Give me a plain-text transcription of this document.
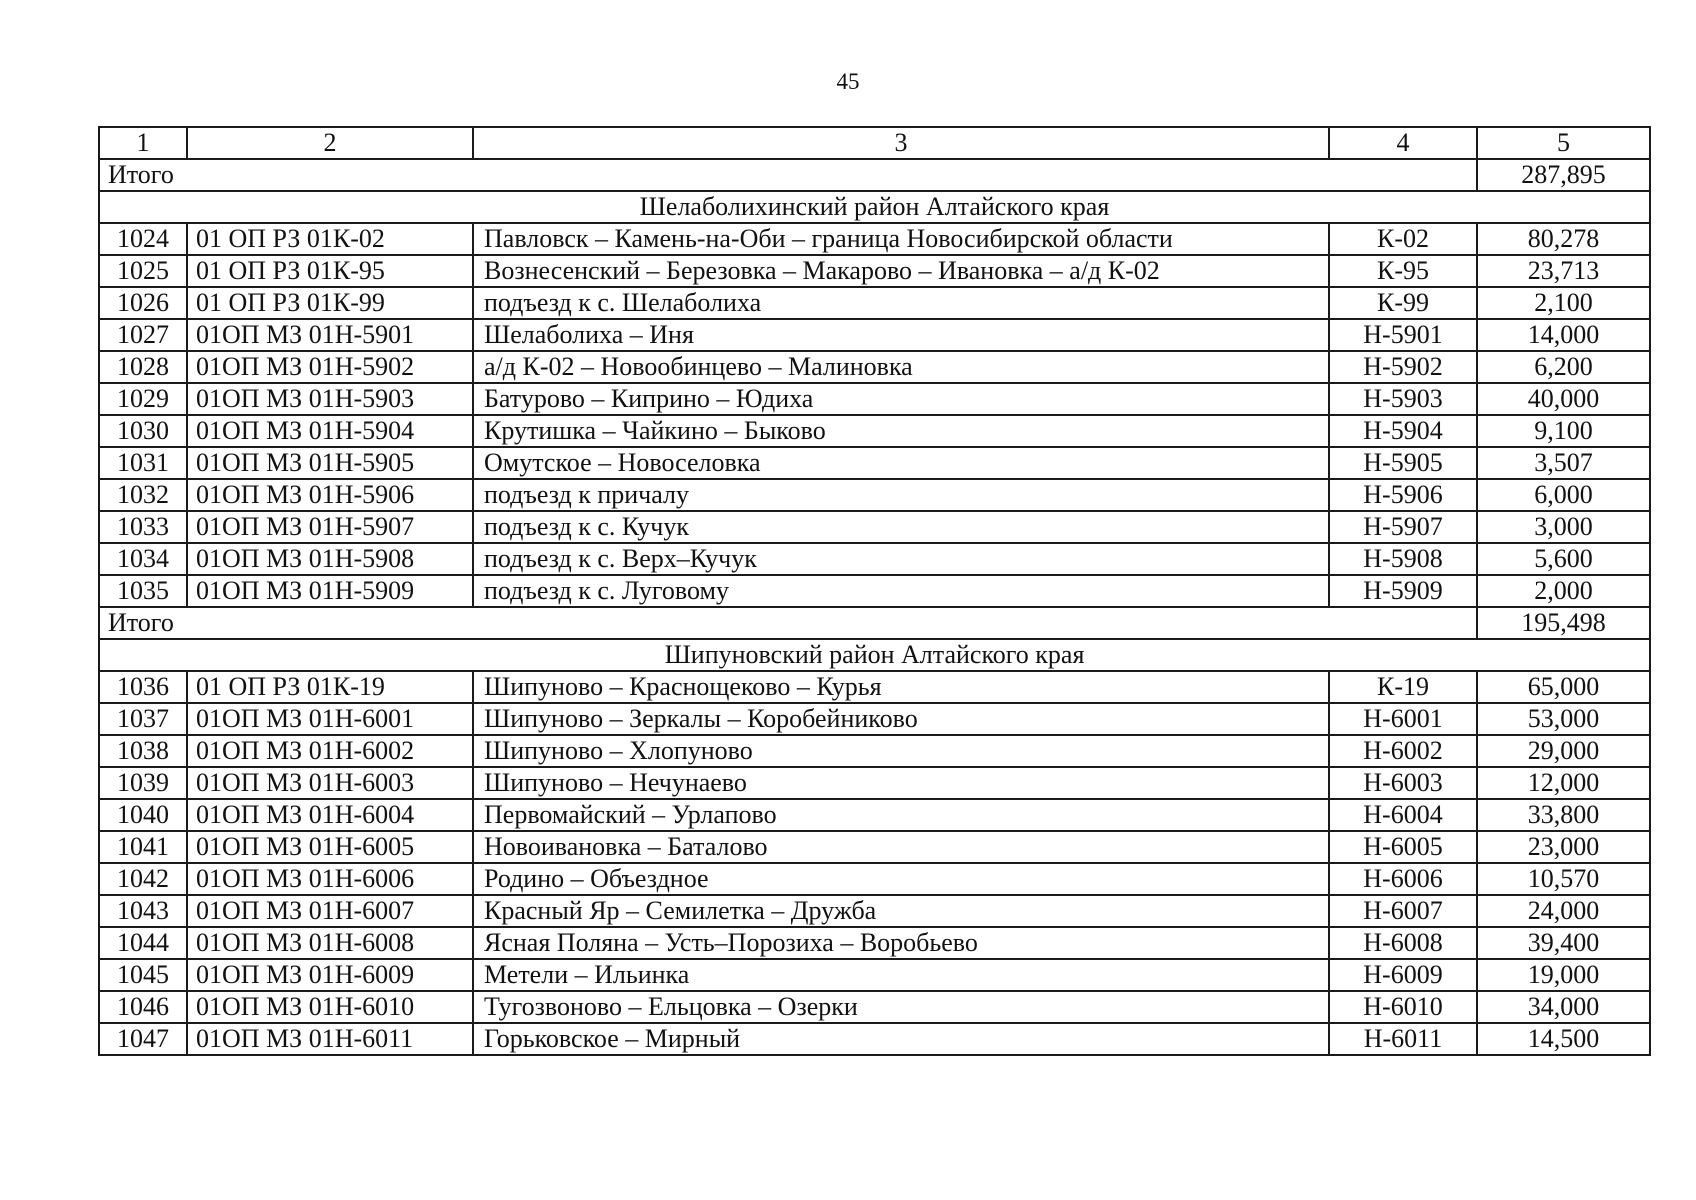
45
1	2	3	4	5
Итого				287,895
Шелаболихинский район Алтайского края				
1024	01 ОП РЗ 01К-02	Павловск – Камень-на-Оби – граница Новосибирской области	К-02	80,278
1025	01 ОП РЗ 01К-95	Вознесенский – Березовка – Макарово – Ивановка – а/д К-02	К-95	23,713
1026	01 ОП РЗ 01К-99	подъезд к с. Шелаболиха	К-99	2,100
1027	01ОП МЗ 01Н-5901	Шелаболиха – Иня	Н-5901	14,000
1028	01ОП МЗ 01Н-5902	а/д К-02 – Новообинцево – Малиновка	Н-5902	6,200
1029	01ОП МЗ 01Н-5903	Батурово – Киприно – Юдиха	Н-5903	40,000
1030	01ОП МЗ 01Н-5904	Крутишка – Чайкино – Быково	Н-5904	9,100
1031	01ОП МЗ 01Н-5905	Омутское – Новоселовка	Н-5905	3,507
1032	01ОП МЗ 01Н-5906	подъезд к причалу	Н-5906	6,000
1033	01ОП МЗ 01Н-5907	подъезд к с. Кучук	Н-5907	3,000
1034	01ОП МЗ 01Н-5908	подъезд к с. Верх–Кучук	Н-5908	5,600
1035	01ОП МЗ 01Н-5909	подъезд к с. Луговому	Н-5909	2,000
Итого				195,498
Шипуновский район Алтайского края				
1036	01 ОП РЗ 01К-19	Шипуново – Краснощеково – Курья	К-19	65,000
1037	01ОП МЗ 01Н-6001	Шипуново – Зеркалы – Коробейниково	Н-6001	53,000
1038	01ОП МЗ 01Н-6002	Шипуново – Хлопуново	Н-6002	29,000
1039	01ОП МЗ 01Н-6003	Шипуново – Нечунаево	Н-6003	12,000
1040	01ОП МЗ 01Н-6004	Первомайский – Урлапово	Н-6004	33,800
1041	01ОП МЗ 01Н-6005	Новоивановка – Баталово	Н-6005	23,000
1042	01ОП МЗ 01Н-6006	Родино – Объездное	Н-6006	10,570
1043	01ОП МЗ 01Н-6007	Красный Яр – Семилетка – Дружба	Н-6007	24,000
1044	01ОП МЗ 01Н-6008	Ясная Поляна – Усть–Порозиха – Воробьево	Н-6008	39,400
1045	01ОП МЗ 01Н-6009	Метели – Ильинка	Н-6009	19,000
1046	01ОП МЗ 01Н-6010	Тугозвоново – Ельцовка – Озерки	Н-6010	34,000
1047	01ОП МЗ 01Н-6011	Горьковское – Мирный	Н-6011	14,500
